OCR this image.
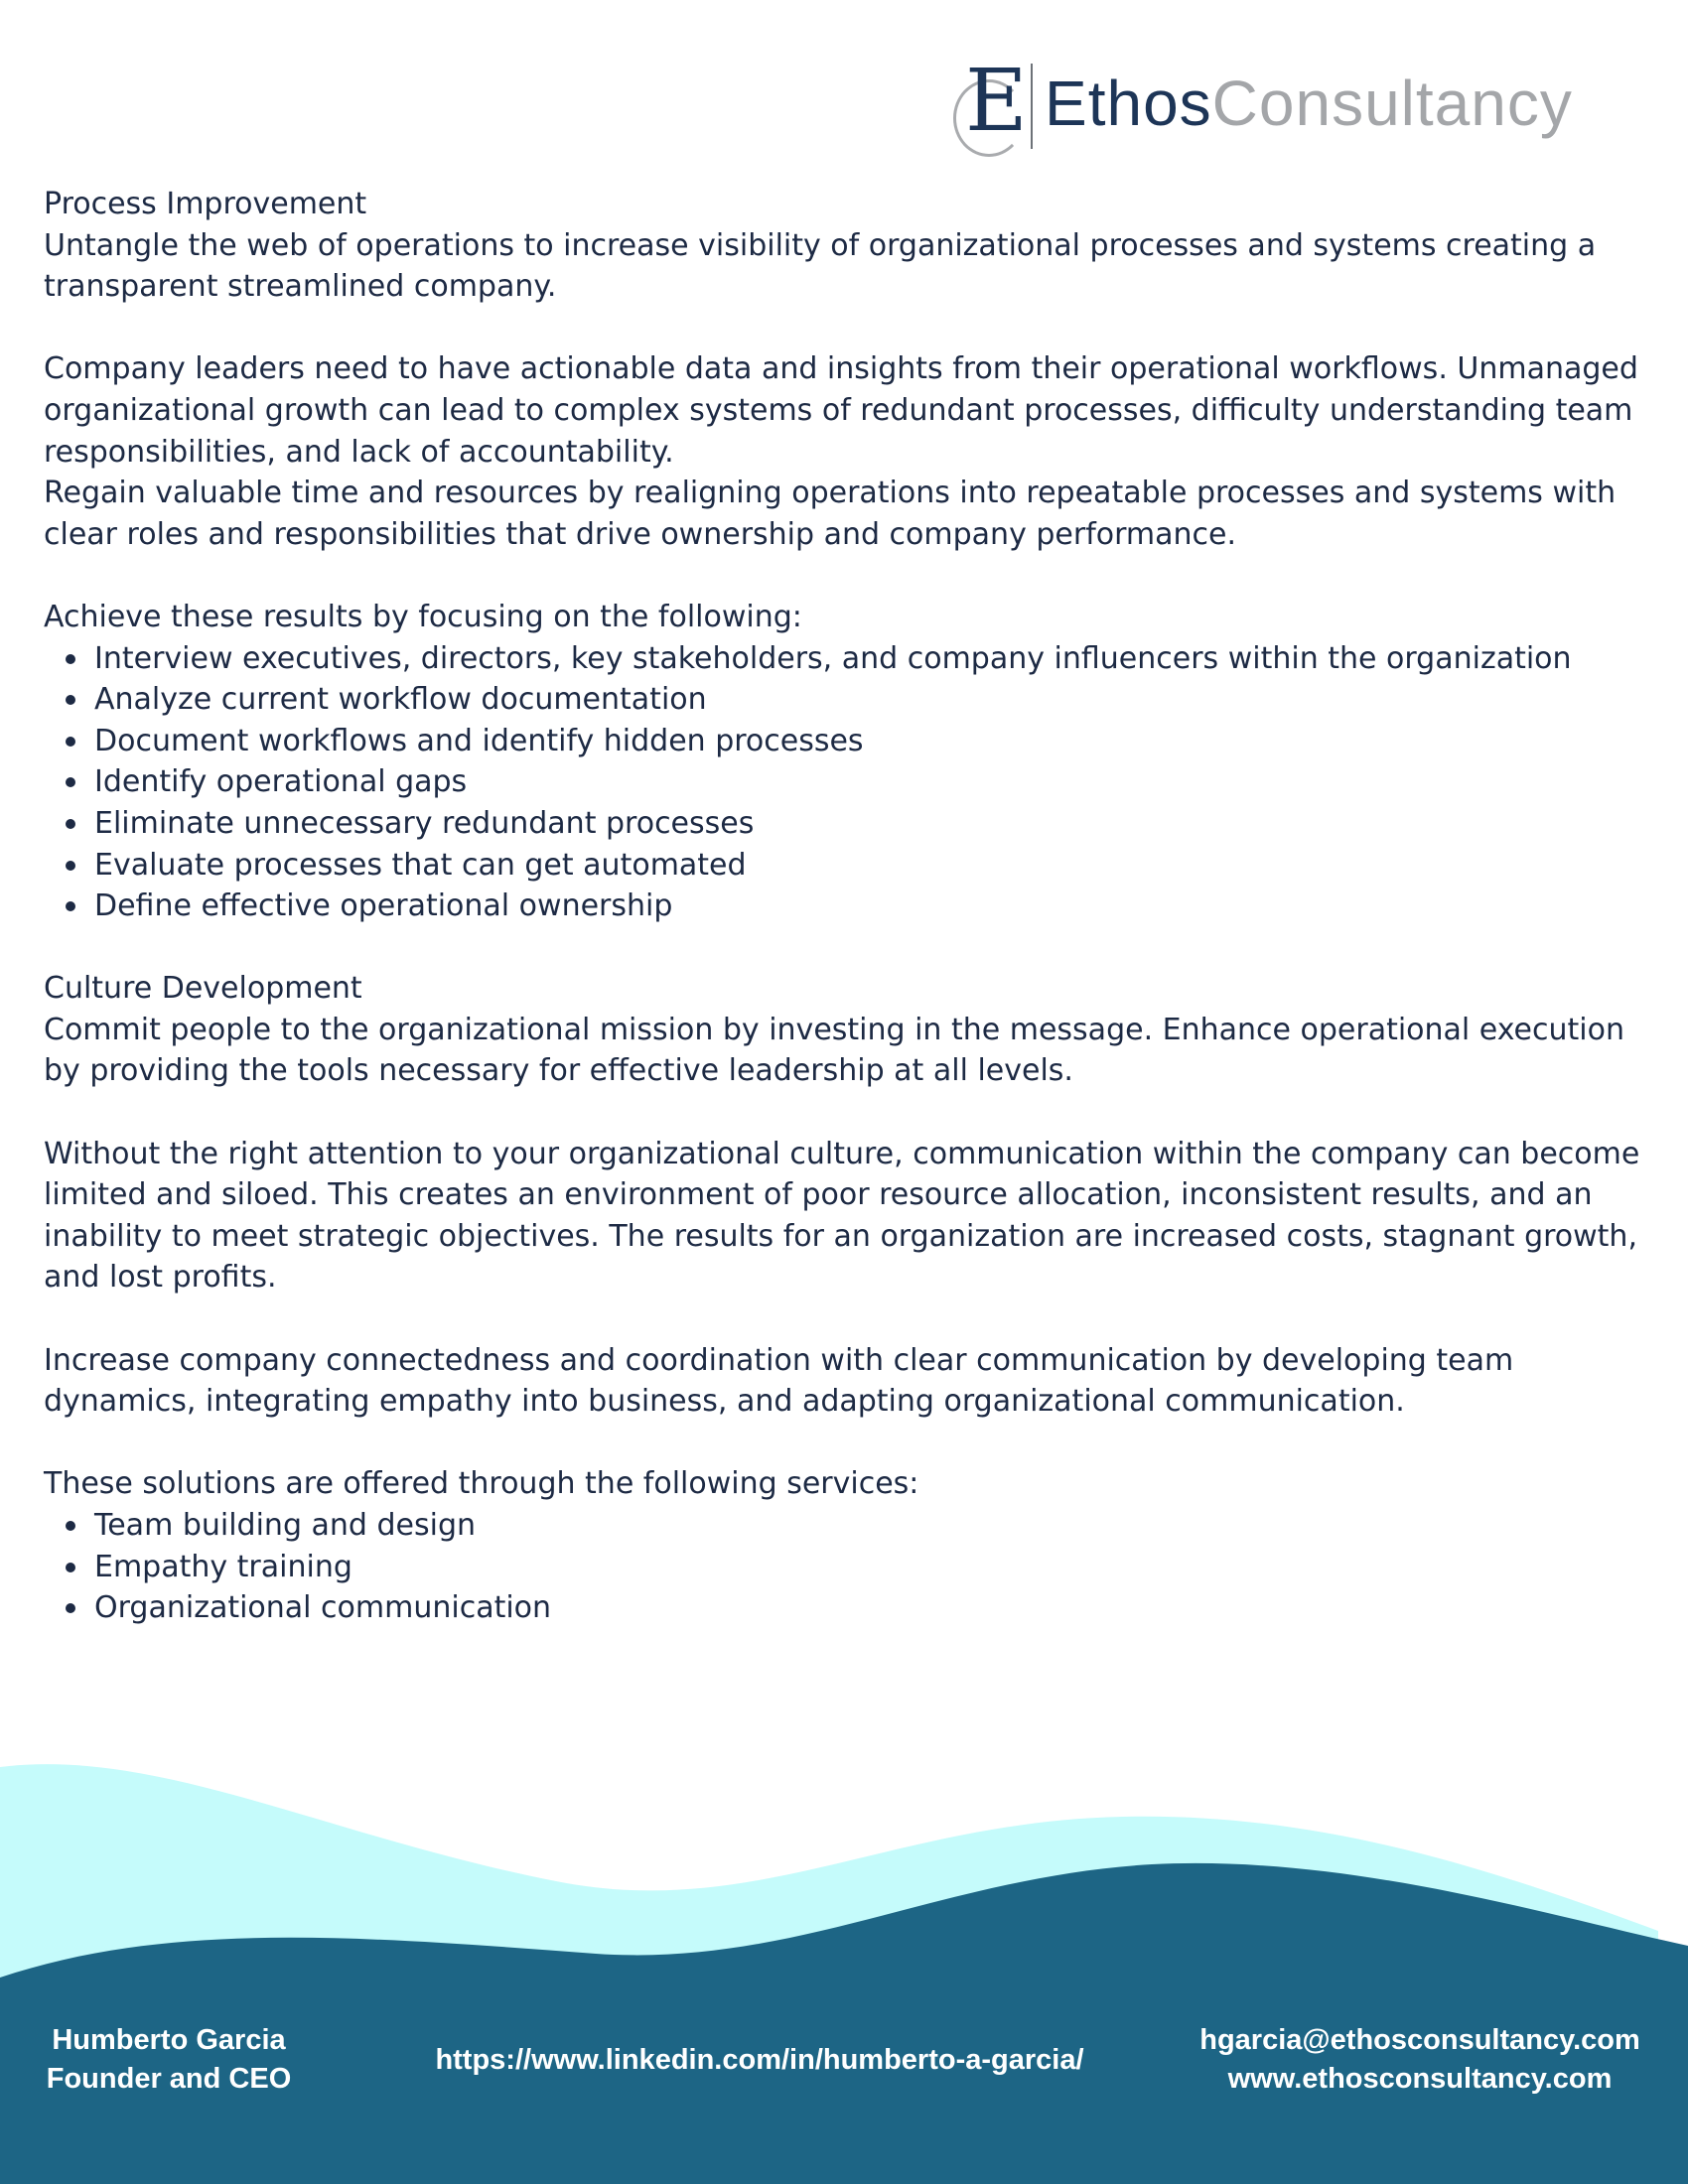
E EthosConsultancy

Process Improvement

Untangle the web of operations to increase visibility of organizational processes and systems creating a transparent streamlined company.

Company leaders need to have actionable data and insights from their operational workflows. Unmanaged organizational growth can lead to complex systems of redundant processes, difficulty understanding team responsibilities, and lack of accountability.

Regain valuable time and resources by realigning operations into repeatable processes and systems with clear roles and responsibilities that drive ownership and company performance.

Achieve these results by focusing on the following:

Interview executives, directors, key stakeholders, and company influencers within the organization
Analyze current workflow documentation
Document workflows and identify hidden processes
Identify operational gaps
Eliminate unnecessary redundant processes
Evaluate processes that can get automated
Define effective operational ownership

Culture Development

Commit people to the organizational mission by investing in the message. Enhance operational execution by providing the tools necessary for effective leadership at all levels.

Without the right attention to your organizational culture, communication within the company can become limited and siloed. This creates an environment of poor resource allocation, inconsistent results, and an inability to meet strategic objectives. The results for an organization are increased costs, stagnant growth, and lost profits.

Increase company connectedness and coordination with clear communication by developing team dynamics, integrating empathy into business, and adapting organizational communication.

These solutions are offered through the following services:

Team building and design
Empathy training
Organizational communication
Humberto Garcia
Founder and CEO
https://www.linkedin.com/in/humberto-a-garcia/
hgarcia@ethosconsultancy.com
www.ethosconsultancy.com
